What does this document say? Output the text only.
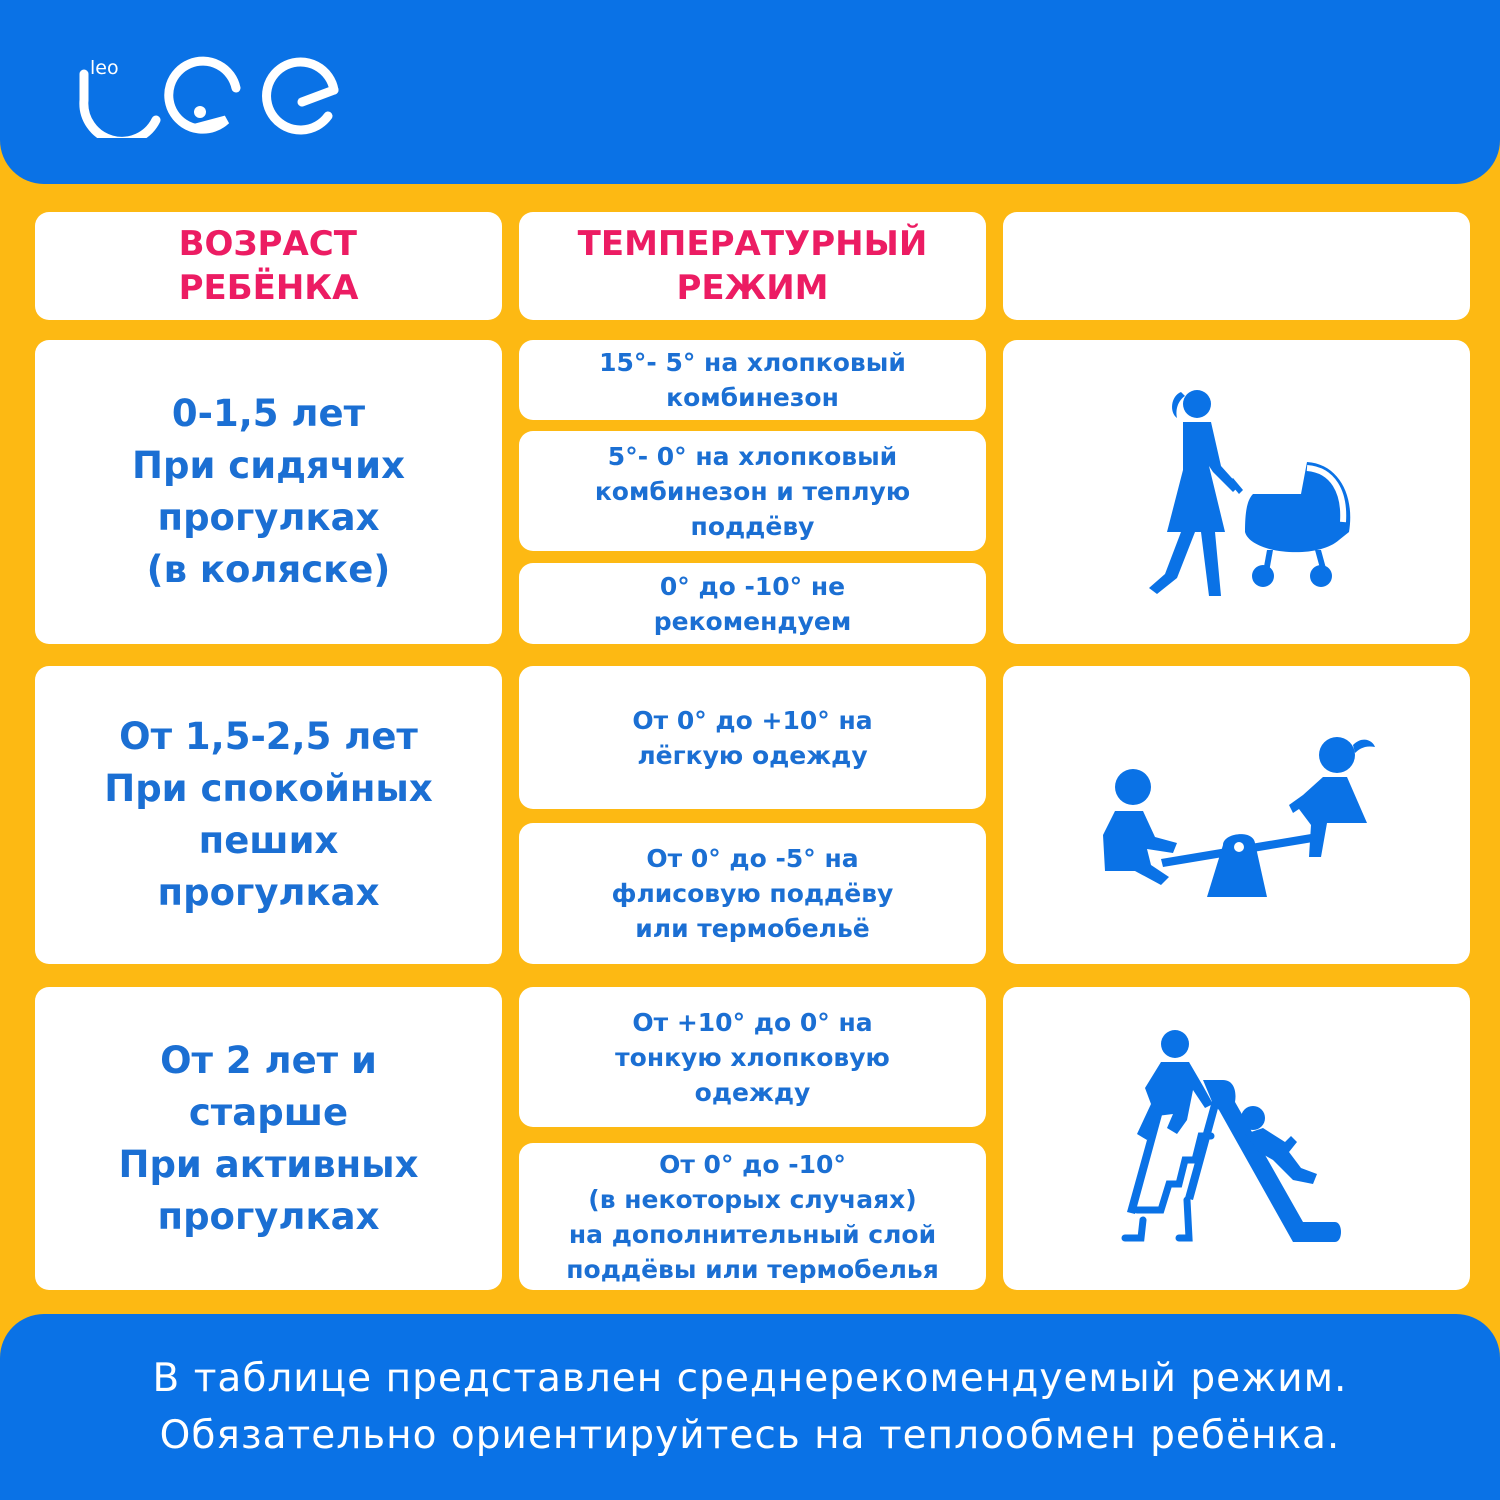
leo
ВОЗРАСТ
РЕБЁНКА
ТЕМПЕРАТУРНЫЙ
РЕЖИМ
0-1,5 лет
При сидячих
прогулках
(в коляске)
15°- 5° на хлопковый
комбинезон
5°- 0° на хлопковый
комбинезон и теплую
поддёву
0° до -10° не
рекомендуем
От 1,5-2,5 лет
При спокойных
пеших
прогулках
От 0° до +10° на
лёгкую одежду
От 0° до -5° на
флисовую поддёву
или термобельё
От 2 лет и
старше
При активных
прогулках
От +10° до 0° на
тонкую хлопковую
одежду
От 0° до -10°
(в некоторых случаях)
на дополнительный слой
поддёвы или термобелья
В таблице представлен среднерекомендуемый режим.
Обязательно ориентируйтесь на теплообмен ребёнка.
